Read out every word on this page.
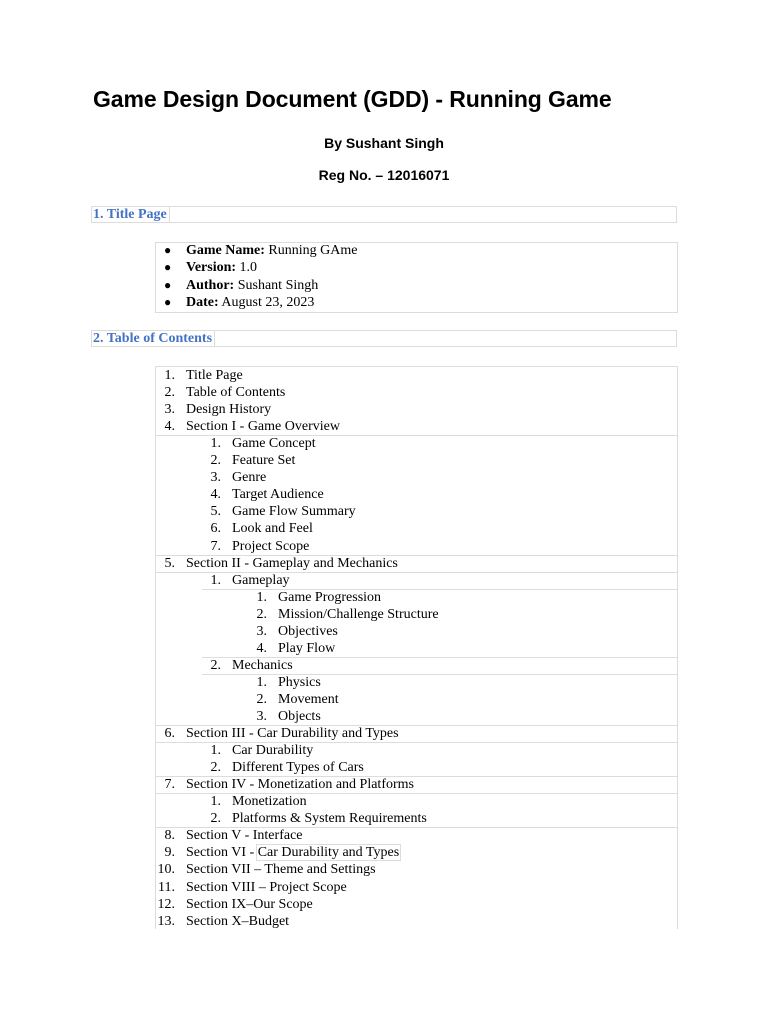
Game Design Document (GDD) - Running Game

By Sushant Singh

Reg No. – 12016071

1. Title Page
● Game Name: Running GAme
● Version: 1.0
● Author: Sushant Singh
● Date: August 23, 2023
2. Table of Contents
1. Title Page
2. Table of Contents
3. Design History
4. Section I - Game Overview
1. Game Concept
2. Feature Set
3. Genre
4. Target Audience
5. Game Flow Summary
6. Look and Feel
7. Project Scope
5. Section II - Gameplay and Mechanics
1. Gameplay
1. Game Progression
2. Mission/Challenge Structure
3. Objectives
4. Play Flow
2. Mechanics
1. Physics
2. Movement
3. Objects
6. Section III - Car Durability and Types
1. Car Durability
2. Different Types of Cars
7. Section IV - Monetization and Platforms
1. Monetization
2. Platforms & System Requirements
8. Section V - Interface
9. Section VI - Car Durability and Types
10. Section VII – Theme and Settings
11. Section VIII – Project Scope
12. Section IX–Our Scope
13. Section X–Budget
